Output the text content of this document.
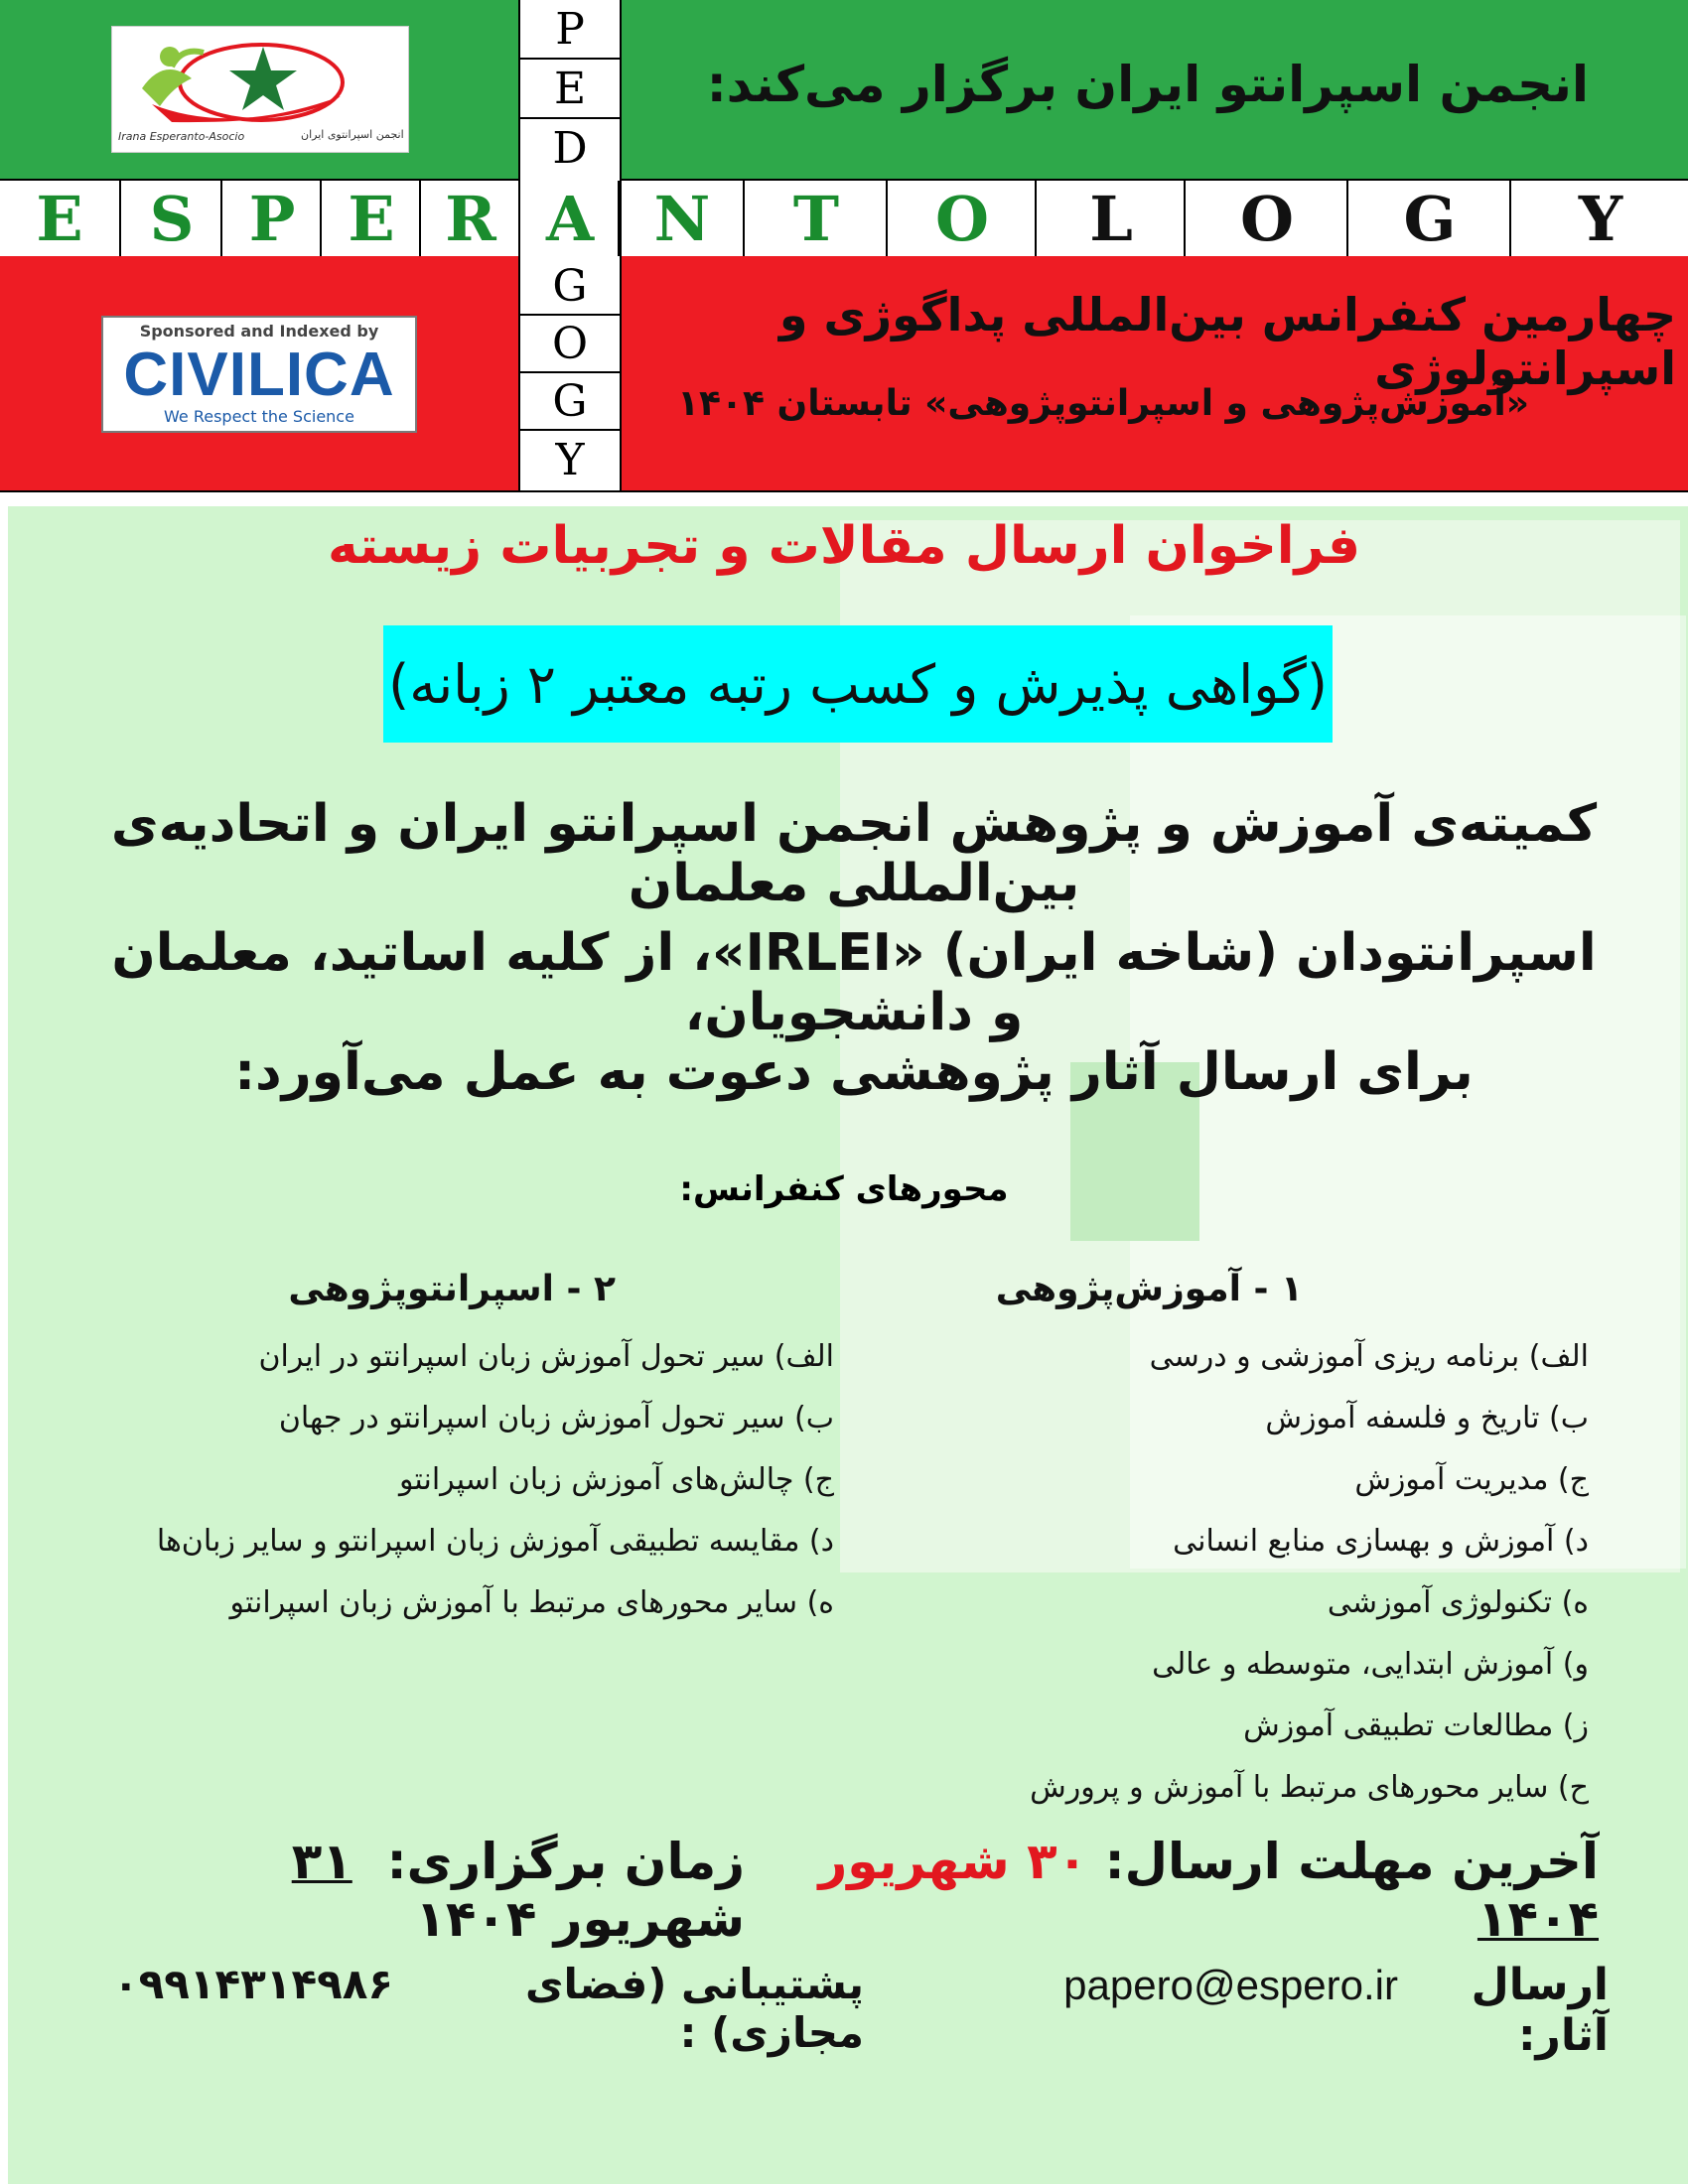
Irana Esperanto-Asocio	انجمن اسپرانتوی ایران
انجمن اسپرانتو ایران برگزار می‌کند:
P
E
D
G
O
G
Y
E	S P E R A N	T	O	L	O	G	Y
Sponsored and Indexed by
CIVILICA
We Respect the Science
چهارمین کنفرانس بین‌المللی پداگوژی و اسپرانتولوژی
«آموزش‌پژوهی و اسپرانتوپژوهی» تابستان ۱۴۰۴
فراخوان ارسال مقالات و تجربیات زیسته
(گواهی پذیرش و کسب رتبه معتبر ۲ زبانه)
کمیته‌ی آموزش و پژوهش انجمن اسپرانتو ایران و اتحادیه‌ی بین‌المللی معلمان
اسپرانتودان (شاخه ایران) «IRLEI»، از کلیه اساتید، معلمان و دانشجویان،
برای ارسال آثار پژوهشی دعوت به عمل می‌آورد:
محورهای کنفرانس:
۱ - آموزش‌پژوهی
الف) برنامه ریزی آموزشی و درسی
ب) تاریخ و فلسفه آموزش
ج) مدیریت آموزش
د) آموزش و بهسازی منابع انسانی
ه) تکنولوژی آموزشی
و) آموزش ابتدایی، متوسطه و عالی
ز) مطالعات تطبیقی آموزش
ح) سایر محورهای مرتبط با آموزش و پرورش
۲ - اسپرانتوپژوهی
الف) سیر تحول آموزش زبان اسپرانتو در ایران
ب) سیر تحول آموزش زبان اسپرانتو در جهان
ج) چالش‌های آموزش زبان اسپرانتو
د) مقایسه تطبیقی آموزش زبان اسپرانتو و سایر زبان‌ها
ه) سایر محورهای مرتبط با آموزش زبان اسپرانتو
آخرین مهلت ارسال: ۳۰ شهریور ۱۴۰۴
زمان برگزاری:  ۳۱ شهریور ۱۴۰۴
ارسال آثار:
papero@espero.ir
پشتیبانی (فضای مجازی) :
۰۹۹۱۴۳۱۴۹۸۶
